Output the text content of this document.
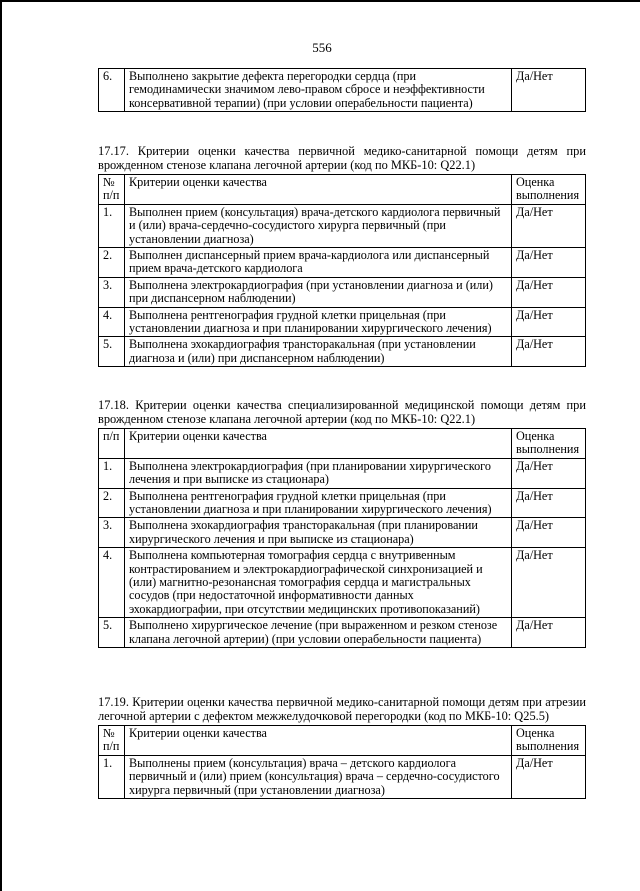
556
6.	Выполнено закрытие дефекта перегородки сердца (при гемодинамически значимом лево-правом сбросе и неэффективности консервативной терапии) (при условии операбельности пациента)	Да/Нет

17.17. Критерии оценки качества первичной медико-санитарной помощи детям при врожденном стенозе клапана легочной артерии (код по МКБ-10: Q22.1)

№ п/п	Критерии оценки качества	Оценка выполнения
1.	Выполнен прием (консультация) врача-детского кардиолога первичный и (или) врача-сердечно-сосудистого хирурга первичный (при установлении диагноза)	Да/Нет
2.	Выполнен диспансерный прием врача-кардиолога или диспансерный прием врача-детского кардиолога	Да/Нет
3.	Выполнена электрокардиография (при установлении диагноза и (или) при диспансерном наблюдении)	Да/Нет
4.	Выполнена рентгенография грудной клетки прицельная (при установлении диагноза и при планировании хирургического лечения)	Да/Нет
5.	Выполнена эхокардиография трансторакальная (при установлении диагноза и (или) при диспансерном наблюдении)	Да/Нет

17.18. Критерии оценки качества специализированной медицинской помощи детям при врожденном стенозе клапана легочной артерии (код по МКБ-10: Q22.1)

п/п	Критерии оценки качества	Оценка выполнения
1.	Выполнена электрокардиография (при планировании хирургического лечения и при выписке из стационара)	Да/Нет
2.	Выполнена рентгенография грудной клетки прицельная (при установлении диагноза и при планировании хирургического лечения)	Да/Нет
3.	Выполнена эхокардиография трансторакальная (при планировании хирургического лечения и при выписке из стационара)	Да/Нет
4.	Выполнена компьютерная томография сердца с внутривенным контрастированием и электрокардиографической синхронизацией и (или) магнитно-резонансная томография сердца и магистральных сосудов (при недостаточной информативности данных эхокардиографии, при отсутствии медицинских противопоказаний)	Да/Нет
5.	Выполнено хирургическое лечение (при выраженном и резком стенозе клапана легочной артерии) (при условии операбельности пациента)	Да/Нет

17.19. Критерии оценки качества первичной медико-санитарной помощи детям при атрезии легочной артерии с дефектом межжелудочковой перегородки (код по МКБ-10: Q25.5)

№ п/п	Критерии оценки качества	Оценка выполнения
1.	Выполнены прием (консультация) врача – детского кардиолога первичный и (или) прием (консультация) врача – сердечно-сосудистого хирурга первичный (при установлении диагноза)	Да/Нет
